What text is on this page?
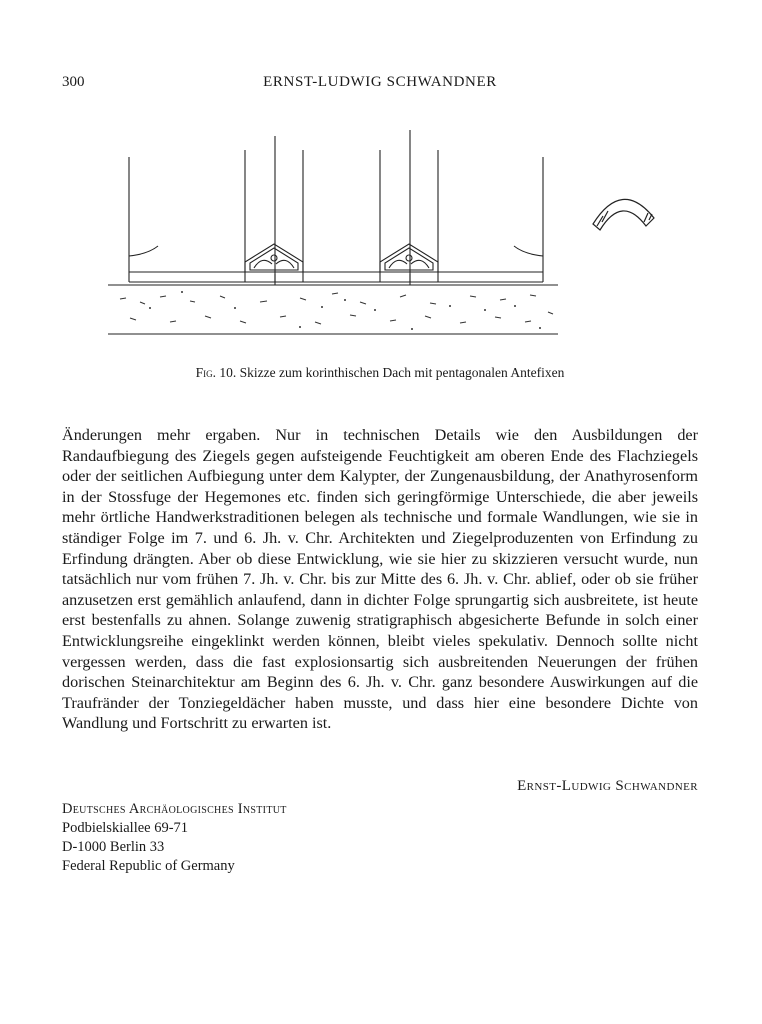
300	ERNST-LUDWIG SCHWANDNER
Fig. 10. Skizze zum korinthischen Dach mit pentagonalen Antefixen

Änderungen mehr ergaben. Nur in technischen Details wie den Ausbildungen der Randaufbiegung des Ziegels gegen aufsteigende Feuchtigkeit am oberen Ende des Flachziegels oder der seitlichen Aufbiegung unter dem Kalypter, der Zungenausbildung, der Anathyrosenform in der Stossfuge der Hegemones etc. finden sich geringförmige Unterschiede, die aber jeweils mehr örtliche Handwerkstraditionen belegen als technische und formale Wandlungen, wie sie in ständiger Folge im 7. und 6. Jh. v. Chr. Architekten und Ziegelproduzenten von Erfindung zu Erfindung drängten. Aber ob diese Entwicklung, wie sie hier zu skizzieren versucht wurde, nun tatsächlich nur vom frühen 7. Jh. v. Chr. bis zur Mitte des 6. Jh. v. Chr. ablief, oder ob sie früher anzusetzen erst gemählich anlaufend, dann in dichter Folge sprungartig sich ausbreitete, ist heute erst bestenfalls zu ahnen. Solange zuwenig stratigraphisch abgesicherte Befunde in solch einer Entwicklungsreihe eingeklinkt werden können, bleibt vieles spekulativ. Dennoch sollte nicht vergessen werden, dass die fast explosionsartig sich ausbreitenden Neuerungen der frühen dorischen Steinarchitektur am Beginn des 6. Jh. v. Chr. ganz besondere Auswirkungen auf die Traufränder der Tonziegeldächer haben musste, und dass hier eine besondere Dichte von Wandlung und Fortschritt zu erwarten ist.

Ernst-Ludwig Schwandner
Deutsches Archäologisches Institut
Podbielskiallee 69-71
D-1000 Berlin 33
Federal Republic of Germany
